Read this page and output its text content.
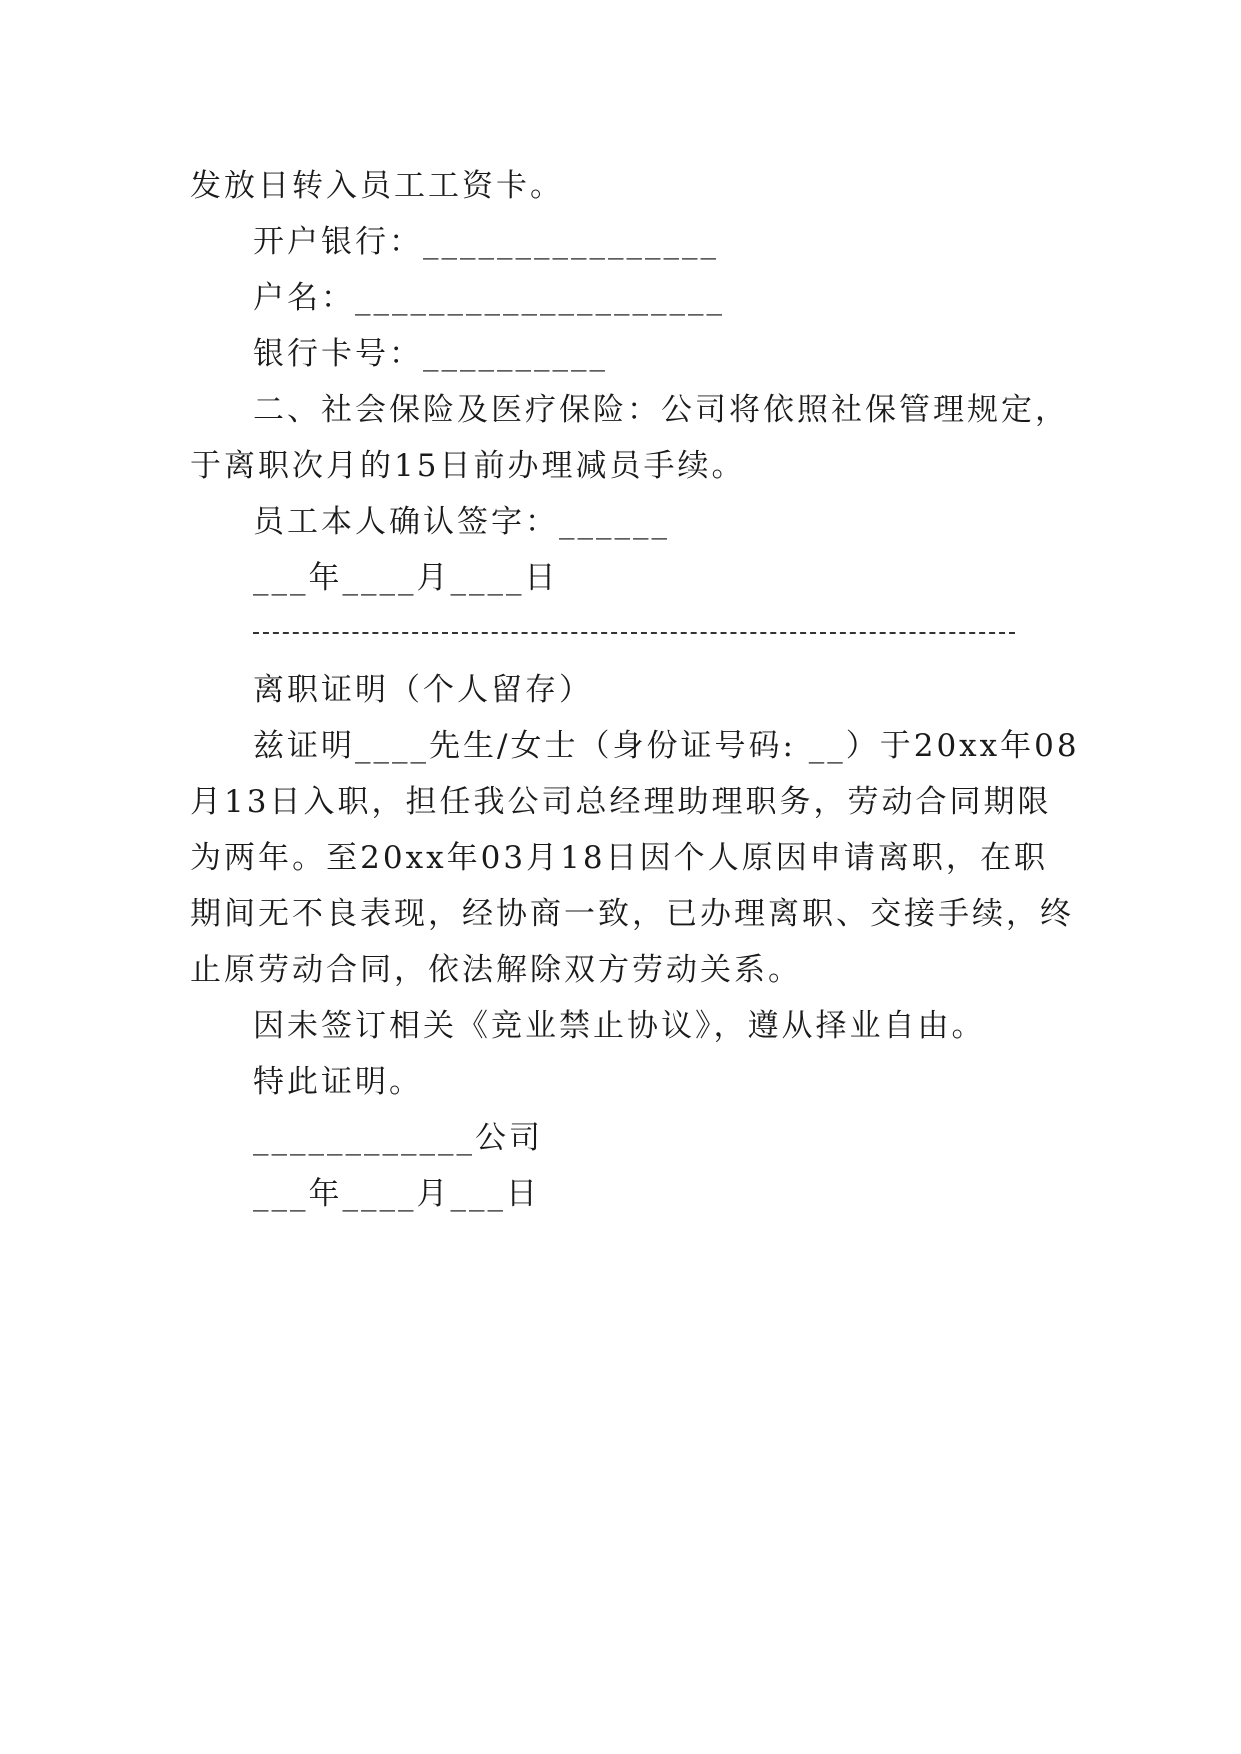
发放日转入员工工资卡。
开户银行：________________
户名：____________________
银行卡号：__________
二、社会保险及医疗保险：公司将依照社保管理规定，
于离职次月的15日前办理减员手续。
员工本人确认签字：______
___年____月____日
离职证明（个人留存）
兹证明____先生/女士（身份证号码: __）于20xx年08
月13日入职，担任我公司总经理助理职务，劳动合同期限
为两年。至20xx年03月18日因个人原因申请离职，在职
期间无不良表现，经协商一致，已办理离职、交接手续，终
止原劳动合同，依法解除双方劳动关系。
因未签订相关《竞业禁止协议》，遵从择业自由。
特此证明。
____________公司
___年____月___日
